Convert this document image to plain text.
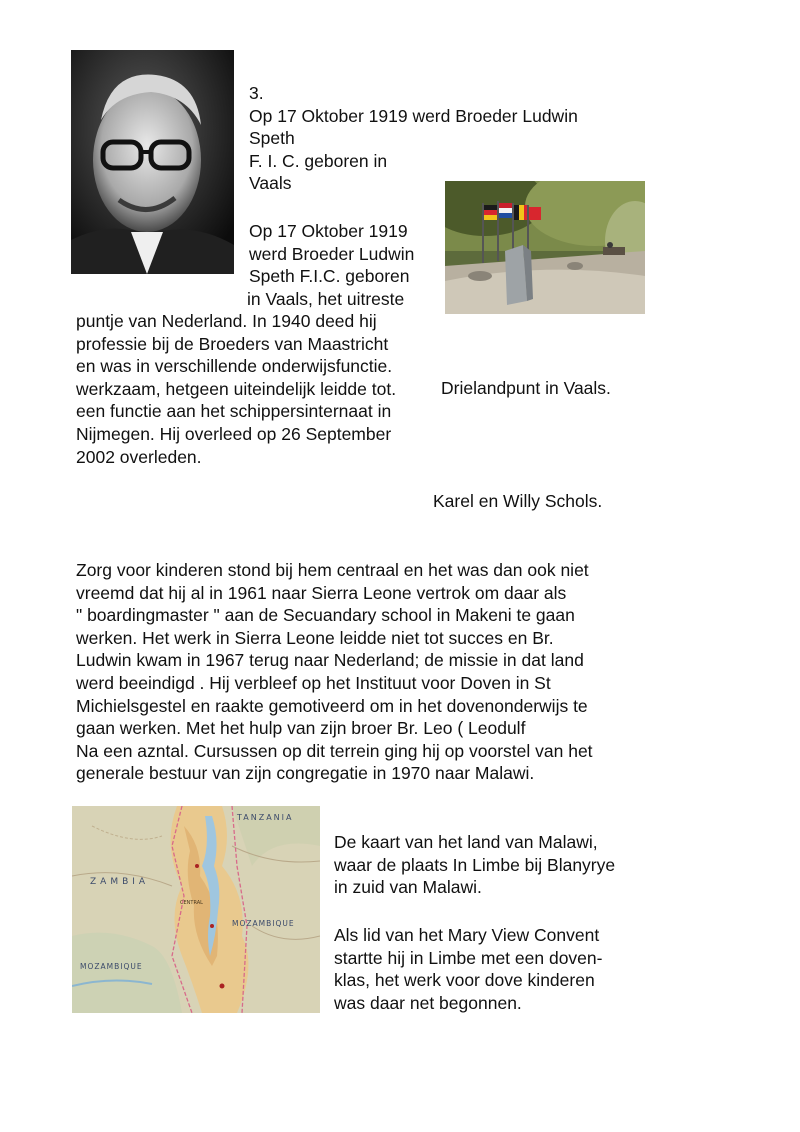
3.
Op 17 Oktober 1919 werd Broeder Ludwin
Speth
F. I. C. geboren in
Vaals
Op 17 Oktober 1919
werd Broeder Ludwin
Speth F.I.C. geboren
in Vaals, het uitreste
puntje van Nederland. In 1940 deed hij
professie bij de Broeders van Maastricht
en was in verschillende onderwijsfunctie.
werkzaam, hetgeen uiteindelijk leidde tot.
een functie aan het schippersinternaat in
Nijmegen. Hij overleed op 26 September
2002 overleden.
Drielandpunt in Vaals.
Karel en Willy Schols.
Zorg voor kinderen stond bij hem centraal en het was dan ook niet
vreemd dat hij al in 1961 naar Sierra Leone vertrok om daar als
" boardingmaster " aan de Secuandary school in Makeni te gaan
werken. Het werk in Sierra Leone leidde niet tot succes en Br.
Ludwin kwam in 1967 terug naar Nederland; de missie in dat land
werd beeindigd . Hij verbleef op het Instituut voor Doven in St
Michielsgestel en raakte gemotiveerd om in het dovenonderwijs te
gaan werken. Met het hulp van zijn broer Br. Leo ( Leodulf
Na een azntal. Cursussen op dit terrein ging hij op voorstel van het
generale bestuur van zijn congregatie in 1970 naar Malawi.
TANZANIA
ZAMBIA
MOZAMBIQUE
MOZAMBIQUE
CENTRAL
De kaart van het land van Malawi,
waar de plaats In Limbe bij Blanyrye
in zuid van Malawi.
Als lid van het Mary View Convent
startte hij in Limbe met een doven-
klas, het werk voor dove kinderen
was daar net begonnen.
